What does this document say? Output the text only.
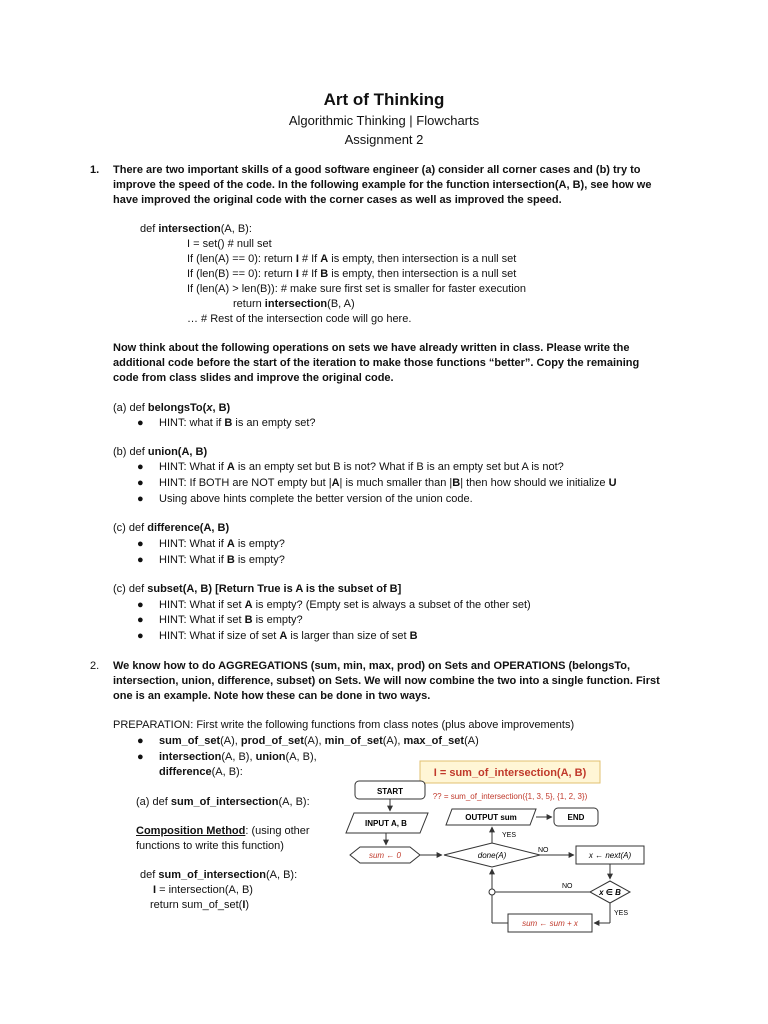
Art of Thinking
Algorithmic Thinking | Flowcharts
Assignment 2
1. There are two important skills of a good software engineer (a) consider all corner cases and (b) try to
improve the speed of the code. In the following example for the function intersection(A, B), see how we
have improved the original code with the corner cases as well as improved the speed.
def intersection(A, B):
I = set() # null set
If (len(A) == 0): return I # If A is empty, then intersection is a null set
If (len(B) == 0): return I # If B is empty, then intersection is a null set
If (len(A) > len(B)): # make sure first set is smaller for faster execution
return intersection(B, A)
… # Rest of the intersection code will go here.
Now think about the following operations on sets we have already written in class. Please write the
additional code before the start of the iteration to make those functions “better”. Copy the remaining
code from class slides and improve the original code.
(a) def belongsTo(x, B)
● HINT: what if B is an empty set?
(b) def union(A, B)
● HINT: What if A is an empty set but B is not? What if B is an empty set but A is not?
● HINT: If BOTH are NOT empty but |A| is much smaller than |B| then how should we initialize U
● Using above hints complete the better version of the union code.
(c) def difference(A, B)
● HINT: What if A is empty?
● HINT: What if B is empty?
(c) def subset(A, B) [Return True is A is the subset of B]
● HINT: What if set A is empty? (Empty set is always a subset of the other set)
● HINT: What if set B is empty?
● HINT: What if size of set A is larger than size of set B
2. We know how to do AGGREGATIONS (sum, min, max, prod) on Sets and OPERATIONS (belongsTo,
intersection, union, difference, subset) on Sets. We will now combine the two into a single function. First
one is an example. Note how these can be done in two ways.
PREPARATION: First write the following functions from class notes (plus above improvements)
● sum_of_set(A), prod_of_set(A), min_of_set(A), max_of_set(A)
● intersection(A, B), union(A, B),
difference(A, B):
(a) def sum_of_intersection(A, B):
Composition Method: (using other
functions to write this function)
def sum_of_intersection(A, B):
I = intersection(A, B)
return sum_of_set(I)
I = sum_of_intersection(A, B)
?? = sum_of_intersection({1, 3, 5}, {1, 2, 3})
START
INPUT A, B
sum ← 0	done(A)
YES
OUTPUT sum	END
NO
x ← next(A)
x ∈ B
NO
YES
sum ← sum + x
